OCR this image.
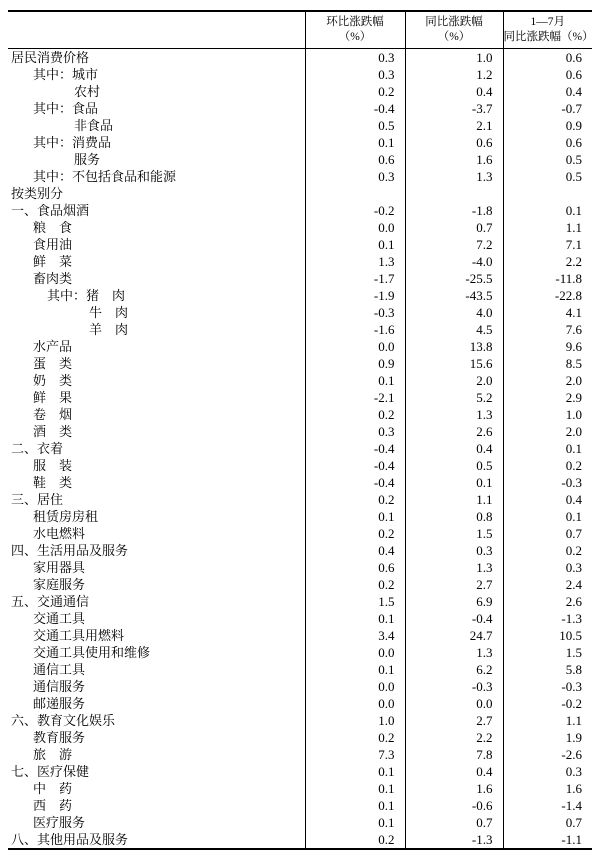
环比涨跌幅
（%）

同比涨跌幅
（%）

1—7月
同比涨跌幅（%）

居民消费价格	0.3	1.0	0.6
其中：城市	0.3	1.2	0.6
农村	0.2	0.4	0.4
其中：食品	-0.4	-3.7	-0.7
非食品	0.5	2.1	0.9
其中：消费品	0.1	0.6	0.6
服务	0.6	1.6	0.5
其中：不包括食品和能源	0.3	1.3	0.5
按类别分			
一、食品烟酒	-0.2	-1.8	0.1
粮　食	0.0	0.7	1.1
食用油	0.1	7.2	7.1
鲜　菜	1.3	-4.0	2.2
畜肉类	-1.7	-25.5	-11.8
其中：猪　肉	-1.9	-43.5	-22.8
牛　肉	-0.3	4.0	4.1
羊　肉	-1.6	4.5	7.6
水产品	0.0	13.8	9.6
蛋　类	0.9	15.6	8.5
奶　类	0.1	2.0	2.0
鲜　果	-2.1	5.2	2.9
卷　烟	0.2	1.3	1.0
酒　类	0.3	2.6	2.0
二、衣着	-0.4	0.4	0.1
服　装	-0.4	0.5	0.2
鞋　类	-0.4	0.1	-0.3
三、居住	0.2	1.1	0.4
租赁房房租	0.1	0.8	0.1
水电燃料	0.2	1.5	0.7
四、生活用品及服务	0.4	0.3	0.2
家用器具	0.6	1.3	0.3
家庭服务	0.2	2.7	2.4
五、交通通信	1.5	6.9	2.6
交通工具	0.1	-0.4	-1.3
交通工具用燃料	3.4	24.7	10.5
交通工具使用和维修	0.0	1.3	1.5
通信工具	0.1	6.2	5.8
通信服务	0.0	-0.3	-0.3
邮递服务	0.0	0.0	-0.2
六、教育文化娱乐	1.0	2.7	1.1
教育服务	0.2	2.2	1.9
旅　游	7.3	7.8	-2.6
七、医疗保健	0.1	0.4	0.3
中　药	0.1	1.6	1.6
西　药	0.1	-0.6	-1.4
医疗服务	0.1	0.7	0.7
八、其他用品及服务	0.2	-1.3	-1.1
